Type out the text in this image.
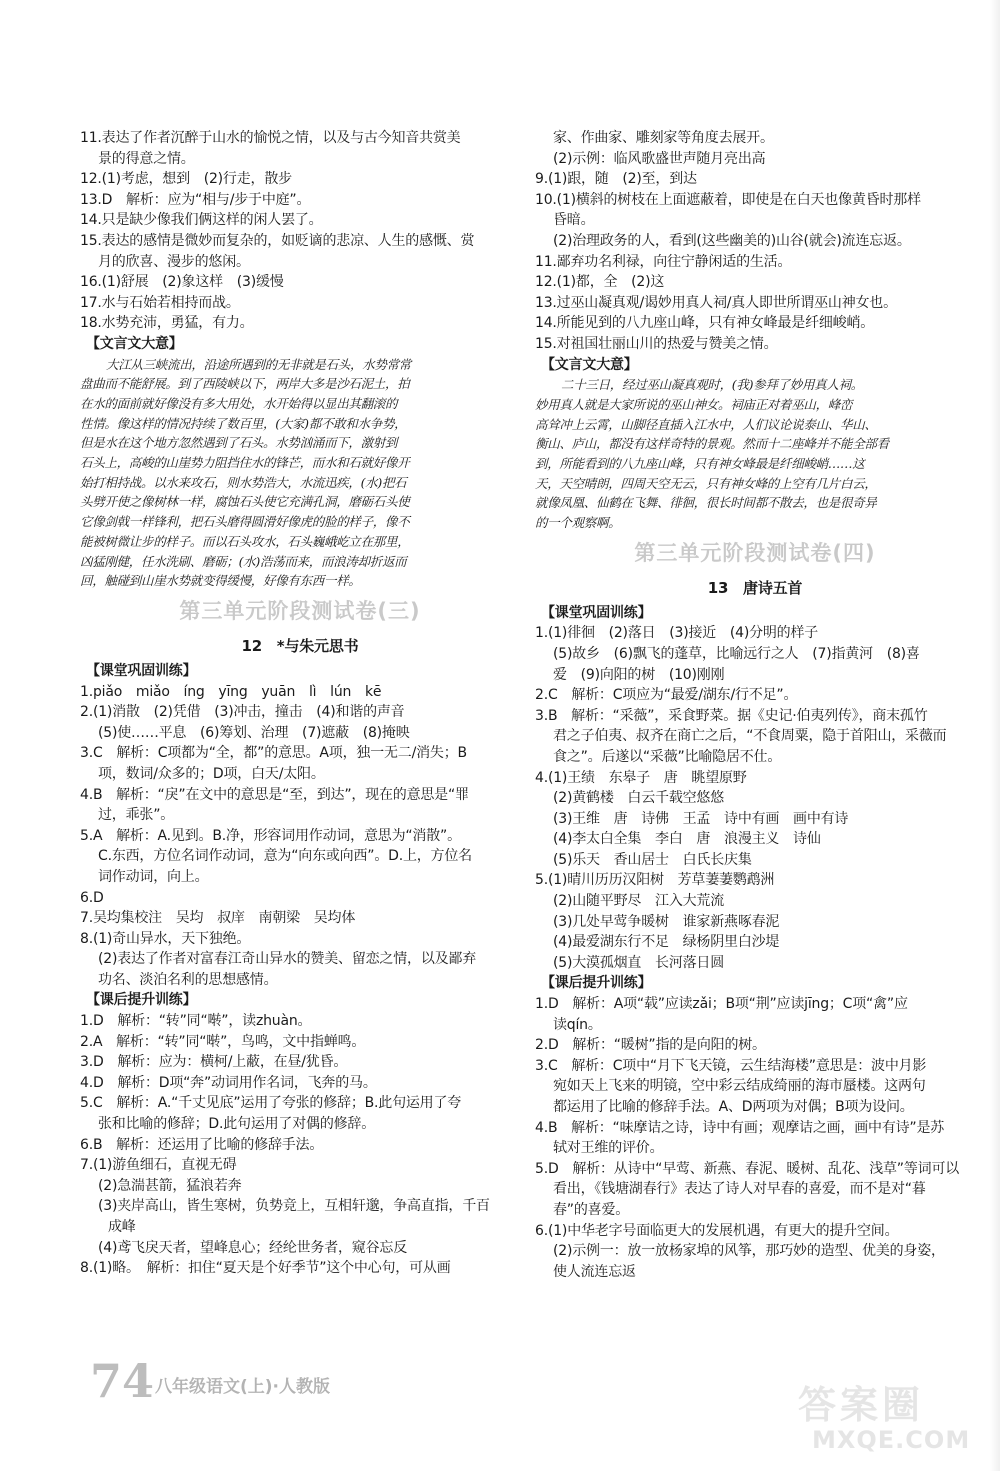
11.表达了作者沉醉于山水的愉悦之情，以及与古今知音共赏美
景的得意之情。
12.(1)考虑，想到　(2)行走，散步
13.D　解析：应为“相与/步于中庭”。
14.只是缺少像我们俩这样的闲人罢了。
15.表达的感情是微妙而复杂的，如贬谪的悲凉、人生的感慨、赏
月的欣喜、漫步的悠闲。
16.(1)舒展　(2)象这样　(3)缓慢
17.水与石始若相持而战。
18.水势充沛，勇猛，有力。
【文言文大意】
大江从三峡流出，沿途所遇到的无非就是石头，水势常常
盘曲而不能舒展。到了西陵峡以下，两岸大多是沙石泥土，拍
在水的面前就好像没有多大用处，水开始得以显出其翻滚的
性情。像这样的情况持续了数百里，(大家)都不敢和水争势，
但是水在这个地方忽然遇到了石头。水势汹涌而下，激射到
石头上，高峻的山崖势力阻挡住水的锋芒，而水和石就好像开
始打相持战。以水来攻石，则水势浩大，水流迅疾，(水)把石
头劈开使之像树林一样，腐蚀石头使它充满孔洞，磨砺石头使
它像剑戟一样锋利，把石头磨得圆滑好像虎的脸的样子，像不
能被树微让步的样子。而以石头攻水，石头巍峨屹立在那里，
凶猛刚健，任水洗刷、磨砺；(水)浩荡而来，而浪涛却折返而
回，触碰到山崖水势就变得缓慢，好像有东西一样。
第三单元阶段测试卷(三)
12　*与朱元思书
【课堂巩固训练】
1.piǎo　miǎo　íng　yīng　yuān　lì　lún　kē
2.(1)消散　(2)凭借　(3)冲击，撞击　(4)和谐的声音
(5)使……平息　(6)筹划、治理　(7)遮蔽　(8)掩映
3.C　解析：C项都为“全，都”的意思。A项，独一无二/消失；B
项，数词/众多的；D项，白天/太阳。
4.B　解析：“戾”在文中的意思是“至，到达”，现在的意思是“罪
过，乖张”。
5.A　解析：A.见到。B.净，形容词用作动词，意思为“消散”。
C.东西，方位名词作动词，意为“向东或向西”。D.上，方位名
词作动词，向上。
6.D
7.吴均集校注　吴均　叔庠　南朝梁　吴均体
8.(1)奇山异水，天下独绝。
(2)表达了作者对富春江奇山异水的赞美、留恋之情，以及鄙弃
功名、淡泊名利的思想感情。
【课后提升训练】
1.D　解析：“转”同“啭”，读zhuàn。
2.A　解析：“转”同“啭”，鸟鸣，文中指蝉鸣。
3.D　解析：应为：横柯/上蔽，在昼/犹昏。
4.D　解析：D项“奔”动词用作名词，飞奔的马。
5.C　解析：A.“千丈见底”运用了夸张的修辞；B.此句运用了夸
张和比喻的修辞；D.此句运用了对偶的修辞。
6.B　解析：还运用了比喻的修辞手法。
7.(1)游鱼细石，直视无碍
(2)急湍甚箭，猛浪若奔
(3)夹岸高山，皆生寒树，负势竞上，互相轩邈，争高直指，千百
成峰
(4)鸢飞戾天者，望峰息心；经纶世务者，窥谷忘反
8.(1)略。　解析：扣住“夏天是个好季节”这个中心句，可从画
家、作曲家、雕刻家等角度去展开。
(2)示例：临风歌盛世声随月亮出高
9.(1)跟，随　(2)至，到达
10.(1)横斜的树枝在上面遮蔽着，即使是在白天也像黄昏时那样
昏暗。
(2)治理政务的人，看到(这些幽美的)山谷(就会)流连忘返。
11.鄙弃功名利禄，向往宁静闲适的生活。
12.(1)都，全　(2)这
13.过巫山凝真观/谒妙用真人祠/真人即世所谓巫山神女也。
14.所能见到的八九座山峰，只有神女峰最是纤细峻峭。
15.对祖国壮丽山川的热爱与赞美之情。
【文言文大意】
二十三日，经过巫山凝真观时，(我)参拜了妙用真人祠。
妙用真人就是大家所说的巫山神女。祠庙正对着巫山，峰峦
高耸冲上云霄，山脚径直插入江水中，人们议论说泰山、华山、
衡山、庐山，都没有这样奇特的景观。然而十二座峰并不能全部看
到，所能看到的八九座山峰，只有神女峰最是纤细峻峭……这
天，天空晴朗，四周天空无云，只有神女峰的上空有几片白云，
就像凤凰、仙鹤在飞舞、徘徊，很长时间都不散去，也是很奇异
的一个观察啊。
第三单元阶段测试卷(四)
13　唐诗五首
【课堂巩固训练】
1.(1)徘徊　(2)落日　(3)接近　(4)分明的样子
(5)故乡　(6)飘飞的蓬草，比喻远行之人　(7)指黄河　(8)喜
爱　(9)向阳的树　(10)刚刚
2.C　解析：C项应为“最爱/湖东/行不足”。
3.B　解析：“采薇”，采食野菜。据《史记·伯夷列传》，商末孤竹
君之子伯夷、叔齐在商亡之后，“不食周粟，隐于首阳山，采薇而
食之”。后遂以“采薇”比喻隐居不仕。
4.(1)王绩　东皋子　唐　眺望原野
(2)黄鹤楼　白云千载空悠悠
(3)王维　唐　诗佛　王孟　诗中有画　画中有诗
(4)李太白全集　李白　唐　浪漫主义　诗仙
(5)乐天　香山居士　白氏长庆集
5.(1)晴川历历汉阳树　芳草萋萋鹦鹉洲
(2)山随平野尽　江入大荒流
(3)几处早莺争暖树　谁家新燕啄春泥
(4)最爱湖东行不足　绿杨阴里白沙堤
(5)大漠孤烟直　长河落日圆
【课后提升训练】
1.D　解析：A项“载”应读zǎi；B项“荆”应读jīng；C项“禽”应
读qín。
2.D　解析：“暖树”指的是向阳的树。
3.C　解析：C项中“月下飞天镜，云生结海楼”意思是：波中月影
宛如天上飞来的明镜，空中彩云结成绮丽的海市蜃楼。这两句
都运用了比喻的修辞手法。A、D两项为对偶；B项为设问。
4.B　解析：“味摩诘之诗，诗中有画；观摩诘之画，画中有诗”是苏
轼对王维的评价。
5.D　解析：从诗中“早莺、新燕、春泥、暖树、乱花、浅草”等词可以
看出，《钱塘湖春行》表达了诗人对早春的喜爱，而不是对“暮
春”的喜爱。
6.(1)中华老字号面临更大的发展机遇，有更大的提升空间。
(2)示例一：放一放杨家埠的风筝，那巧妙的造型、优美的身姿，
使人流连忘返
74 八年级语文(上)·人教版	答案圈
MXQE.COM
